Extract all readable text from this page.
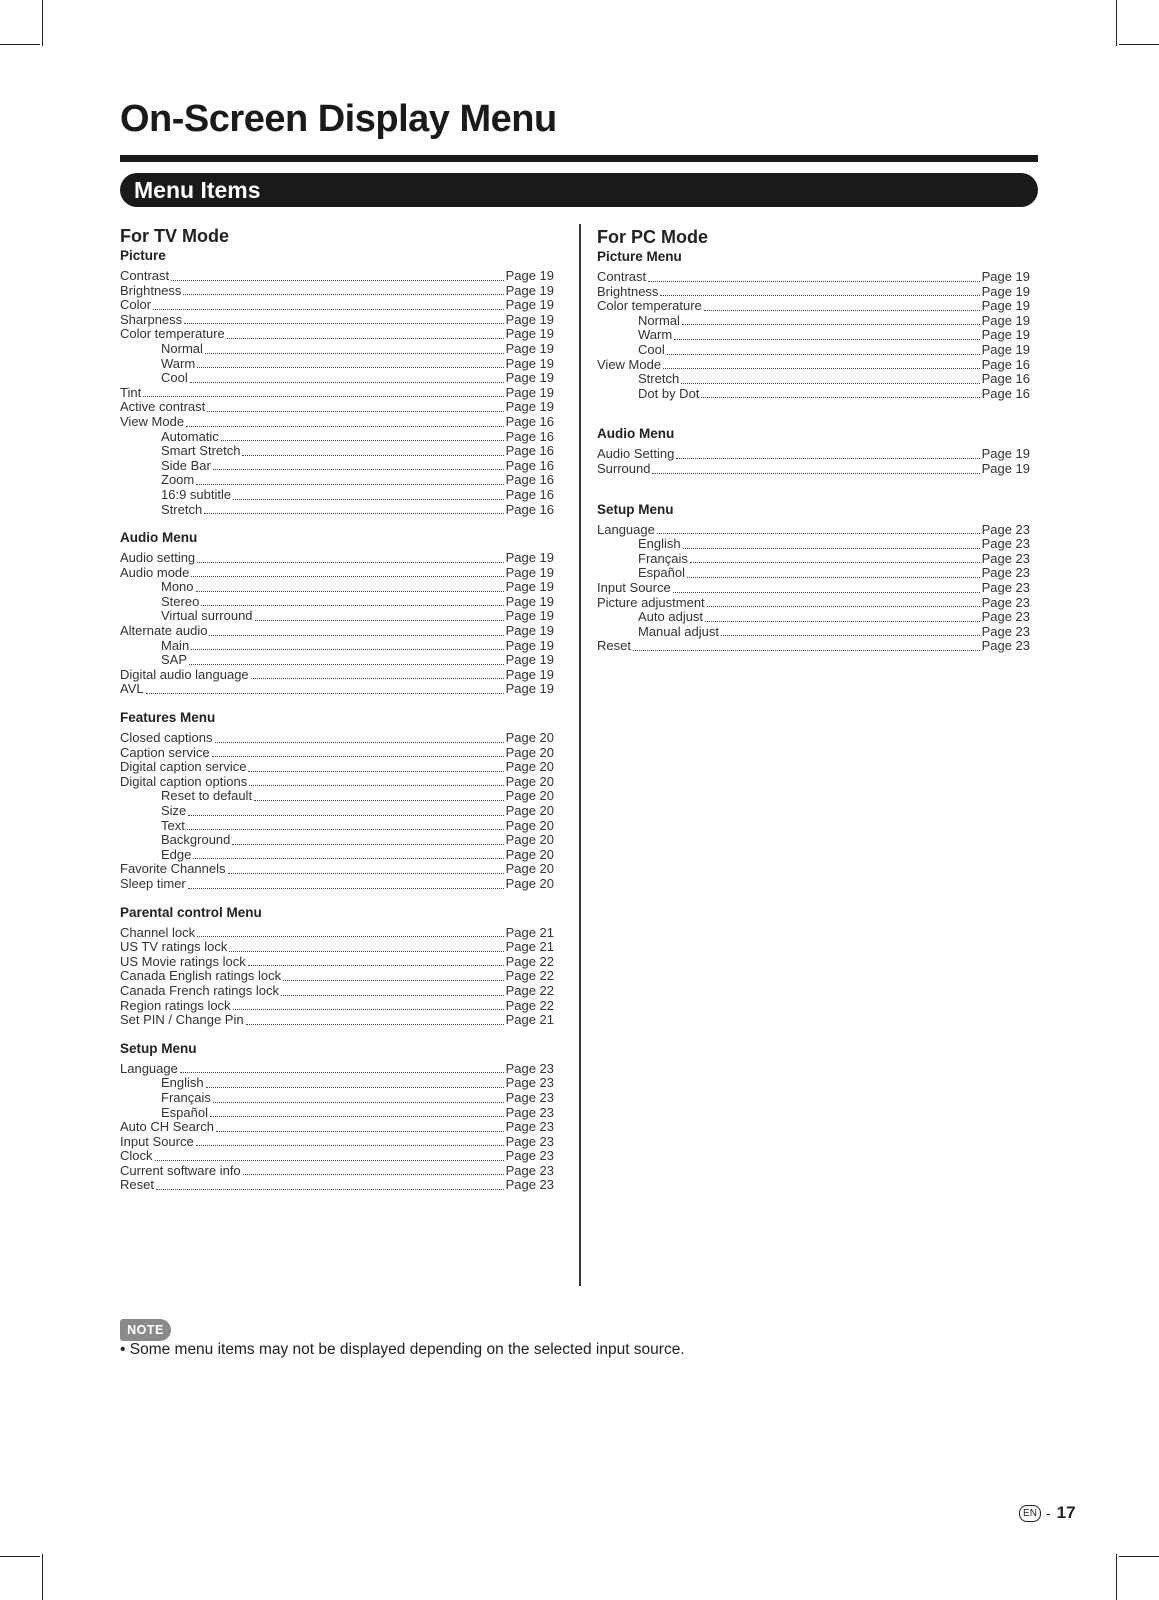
On-Screen Display Menu
Menu Items
For TV Mode
Picture
Contrast	Page 19
Brightness	Page 19
Color	Page 19
Sharpness	Page 19
Color temperature	Page 19
Normal	Page 19
Warm	Page 19
Cool	Page 19
Tint	Page 19
Active contrast	Page 19
View Mode	Page 16
Automatic	Page 16
Smart Stretch	Page 16
Side Bar	Page 16
Zoom	Page 16
16:9 subtitle	Page 16
Stretch	Page 16
Audio Menu
Audio setting	Page 19
Audio mode	Page 19
Mono	Page 19
Stereo	Page 19
Virtual surround	Page 19
Alternate audio	Page 19
Main	Page 19
SAP	Page 19
Digital audio language	Page 19
AVL	Page 19
Features Menu
Closed captions	Page 20
Caption service	Page 20
Digital caption service	Page 20
Digital caption options	Page 20
Reset to default	Page 20
Size	Page 20
Text	Page 20
Background	Page 20
Edge	Page 20
Favorite Channels	Page 20
Sleep timer	Page 20
Parental control Menu
Channel lock	Page 21
US TV ratings lock	Page 21
US Movie ratings lock	Page 22
Canada English ratings lock	Page 22
Canada French ratings lock	Page 22
Region ratings lock	Page 22
Set PIN / Change Pin	Page 21
Setup Menu
Language	Page 23
English	Page 23
Français	Page 23
Español	Page 23
Auto CH Search	Page 23
Input Source	Page 23
Clock	Page 23
Current software info	Page 23
Reset	Page 23
For PC Mode
Picture Menu
Contrast	Page 19
Brightness	Page 19
Color temperature	Page 19
Normal	Page 19
Warm	Page 19
Cool	Page 19
View Mode	Page 16
Stretch	Page 16
Dot by Dot	Page 16
Audio Menu
Audio Setting	Page 19
Surround	Page 19
Setup Menu
Language	Page 23
English	Page 23
Français	Page 23
Español	Page 23
Input Source	Page 23
Picture adjustment	Page 23
Auto adjust	Page 23
Manual adjust	Page 23
Reset	Page 23
NOTE
• Some menu items may not be displayed depending on the selected input source.
EN - 17
